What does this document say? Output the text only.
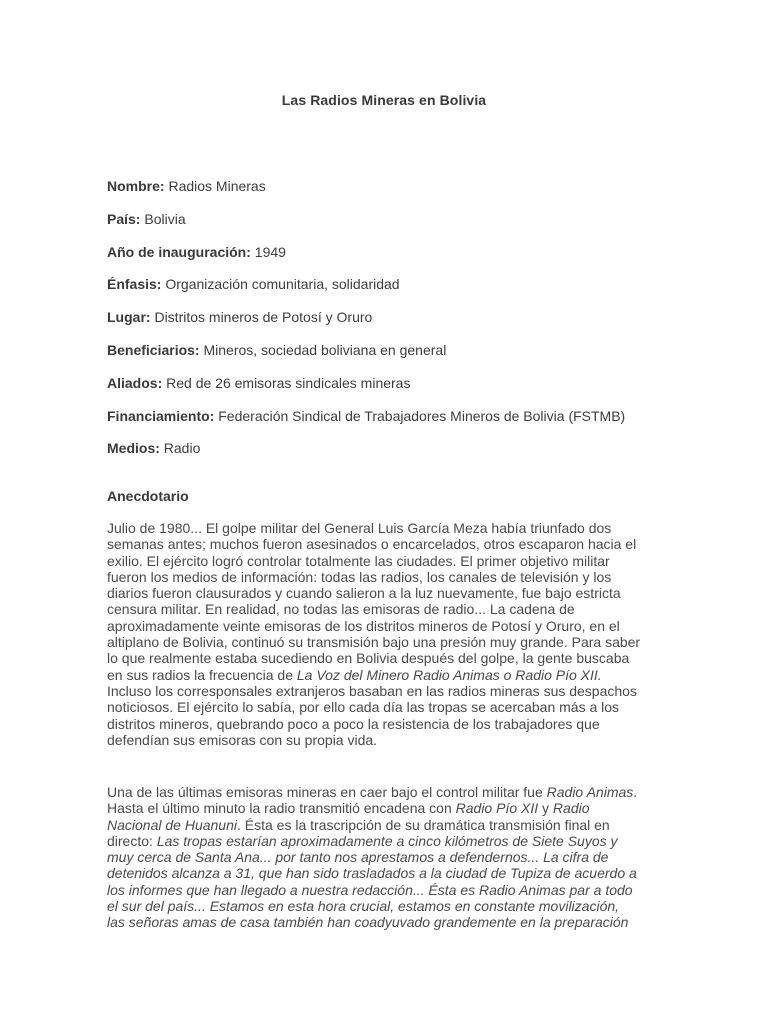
Las Radios Mineras en Bolivia
Nombre: Radios Mineras
País: Bolivia
Año de inauguración: 1949
Énfasis: Organización comunitaria, solidaridad
Lugar: Distritos mineros de Potosí y Oruro
Beneficiarios: Mineros, sociedad boliviana en general
Aliados: Red de 26 emisoras sindicales mineras
Financiamiento: Federación Sindical de Trabajadores Mineros de Bolivia (FSTMB)
Medios: Radio
Anecdotario

Julio de 1980... El golpe militar del General Luis García Meza había triunfado dos
semanas antes; muchos fueron asesinados o encarcelados, otros escaparon hacia el
exilio. El ejército logró controlar totalmente las ciudades. El primer objetivo militar
fueron los medios de información: todas las radios, los canales de televisión y los
diarios fueron clausurados y cuando salieron a la luz nuevamente, fue bajo estricta
censura militar. En realidad, no todas las emisoras de radio... La cadena de
aproximadamente veinte emisoras de los distritos mineros de Potosí y Oruro, en el
altiplano de Bolivia, continuó su transmisión bajo una presión muy grande. Para saber
lo que realmente estaba sucediendo en Bolivia después del golpe, la gente buscaba
en sus radios la frecuencia de La Voz del Minero Radio Animas o Radio Pío XII.
Incluso los corresponsales extranjeros basaban en las radios mineras sus despachos
noticiosos. El ejército lo sabía, por ello cada día las tropas se acercaban más a los
distritos mineros, quebrando poco a poco la resistencia de los trabajadores que
defendían sus emisoras con su propia vida.

Una de las últimas emisoras mineras en caer bajo el control militar fue Radio Animas.
Hasta el último minuto la radio transmitió encadena con Radio Pío XII y Radio
Nacional de Huanuni. Ésta es la trascripción de su dramática transmisión final en
directo: Las tropas estarían aproximadamente a cinco kilómetros de Siete Suyos y
muy cerca de Santa Ana... por tanto nos aprestamos a defendernos... La cifra de
detenidos alcanza a 31, que han sido trasladados a la ciudad de Tupiza de acuerdo a
los informes que han llegado a nuestra redacción... Ésta es Radio Animas par a todo
el sur del país... Estamos en esta hora crucial, estamos en constante movilización,
las señoras amas de casa también han coadyuvado grandemente en la preparación
